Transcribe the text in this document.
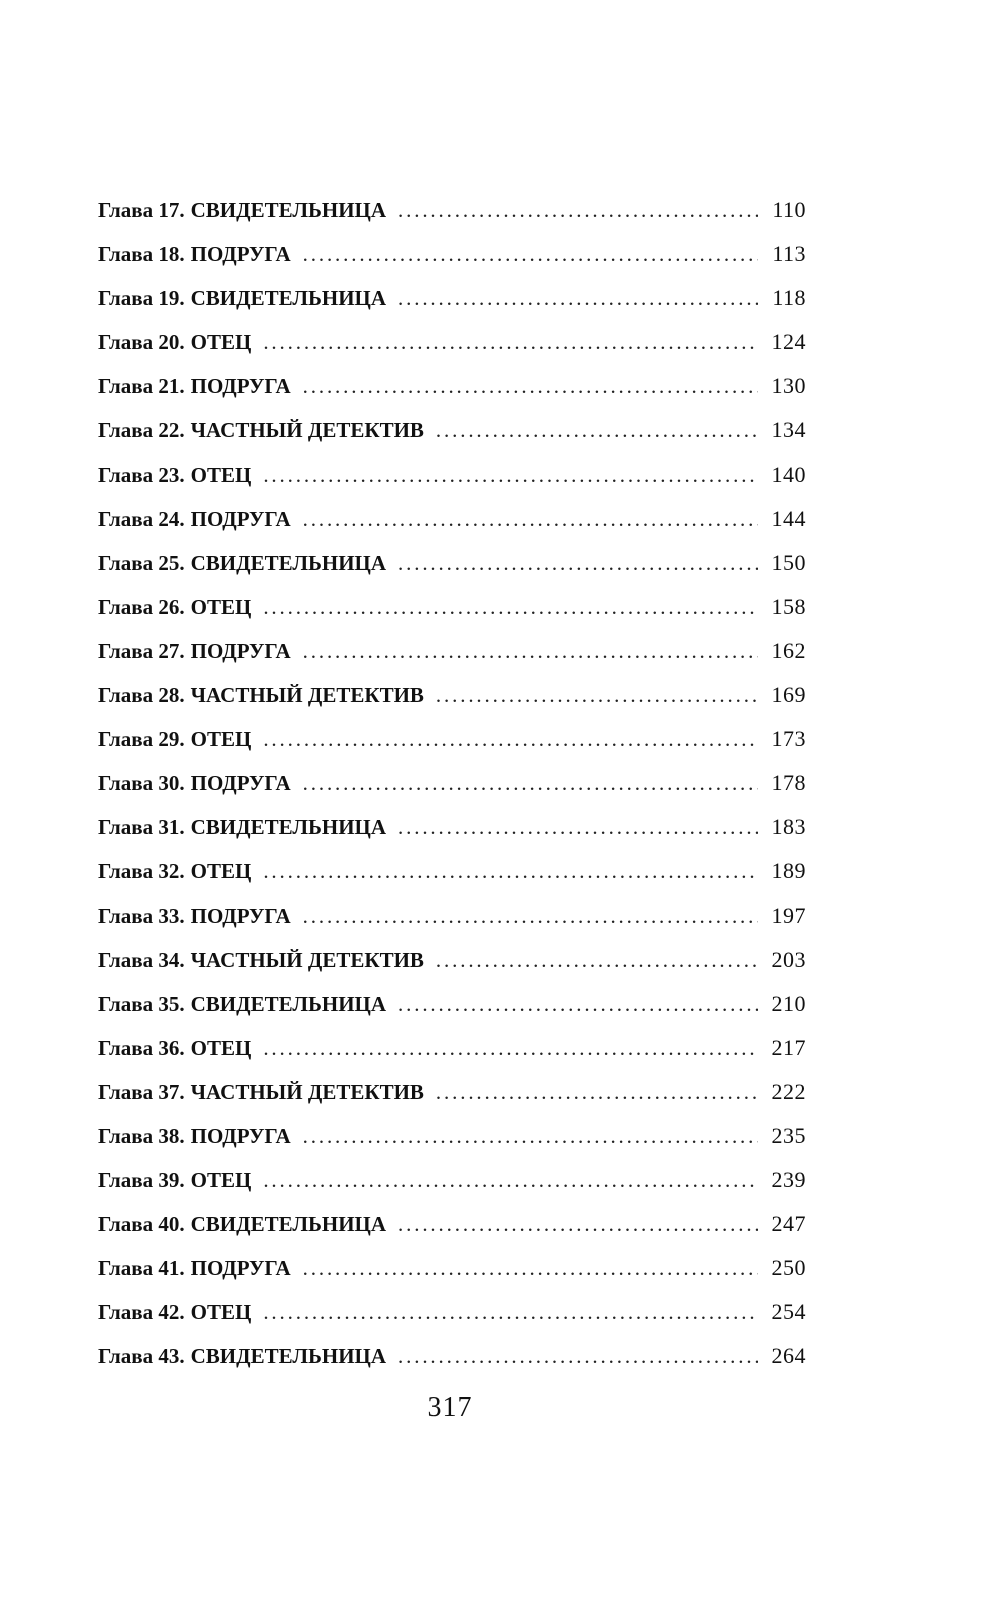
Глава 17. СВИДЕТЕЛЬНИЦА . . .	110
Глава 18. ПОДРУГА . . .	113
Глава 19. СВИДЕТЕЛЬНИЦА . . .	118
Глава 20. ОТЕЦ . . .	124
Глава 21. ПОДРУГА . . .	130
Глава 22. ЧАСТНЫЙ ДЕТЕКТИВ . . .	134
Глава 23. ОТЕЦ . . .	140
Глава 24. ПОДРУГА . . .	144
Глава 25. СВИДЕТЕЛЬНИЦА . . .	150
Глава 26. ОТЕЦ . . .	158
Глава 27. ПОДРУГА . . .	162
Глава 28. ЧАСТНЫЙ ДЕТЕКТИВ . . .	169
Глава 29. ОТЕЦ . . .	173
Глава 30. ПОДРУГА . . .	178
Глава 31. СВИДЕТЕЛЬНИЦА . . .	183
Глава 32. ОТЕЦ . . .	189
Глава 33. ПОДРУГА . . .	197
Глава 34. ЧАСТНЫЙ ДЕТЕКТИВ . . .	203
Глава 35. СВИДЕТЕЛЬНИЦА . . .	210
Глава 36. ОТЕЦ . . .	217
Глава 37. ЧАСТНЫЙ ДЕТЕКТИВ . . .	222
Глава 38. ПОДРУГА . . .	235
Глава 39. ОТЕЦ . . .	239
Глава 40. СВИДЕТЕЛЬНИЦА . . .	247
Глава 41. ПОДРУГА . . .	250
Глава 42. ОТЕЦ . . .	254
Глава 43. СВИДЕТЕЛЬНИЦА . . .	264
317
